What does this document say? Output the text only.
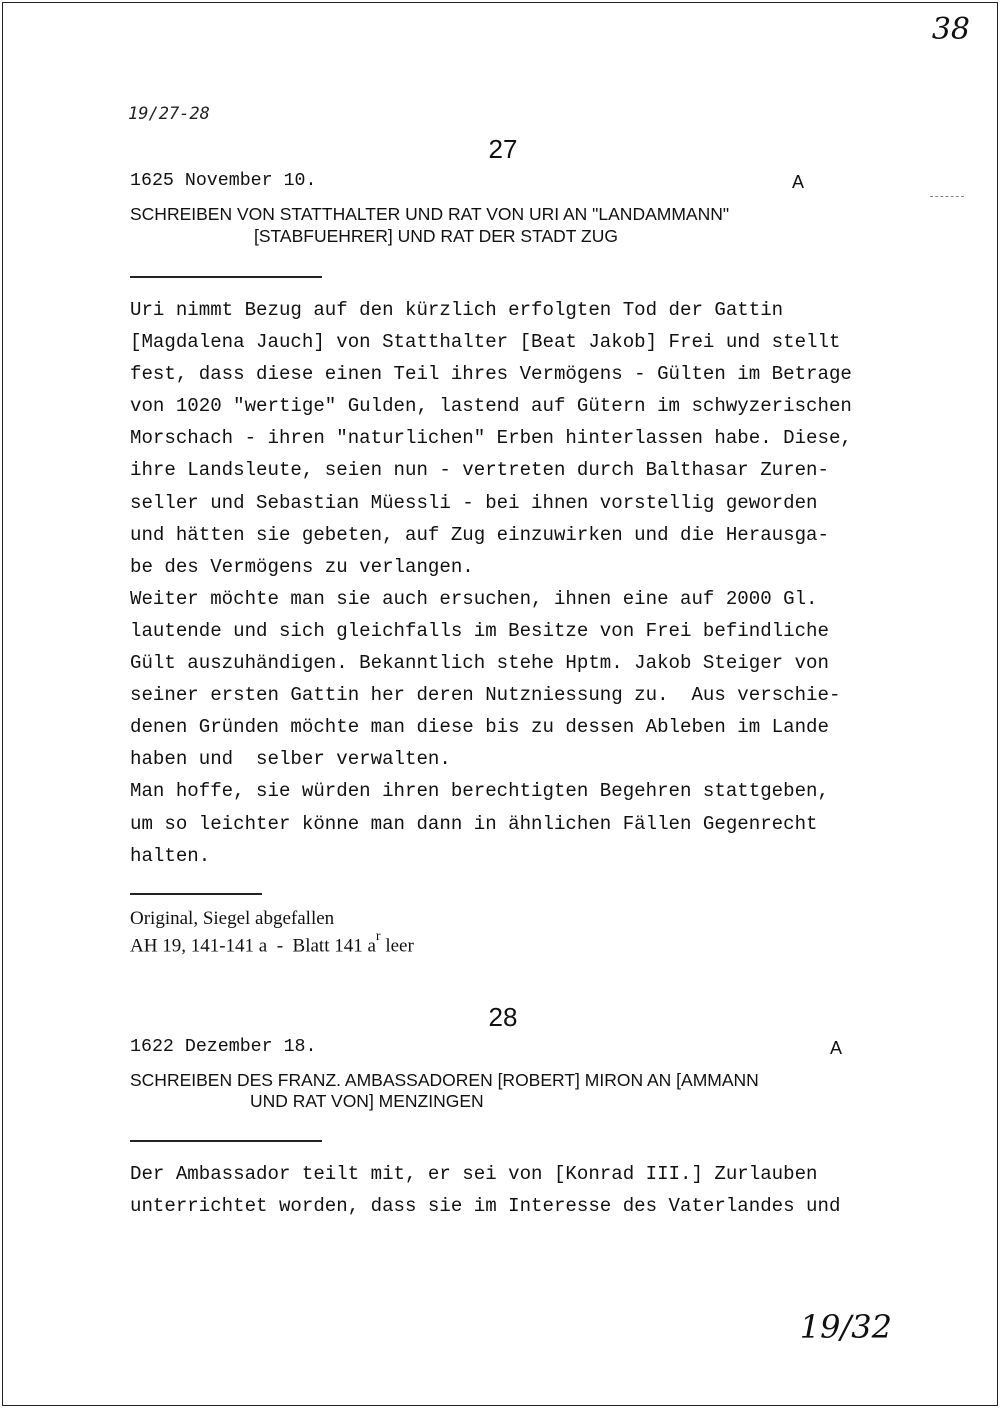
38
19/27-28
27
1625 November 10.	A
SCHREIBEN VON STATTHALTER UND RAT VON URI AN "LANDAMMANN"
[STABFUEHRER] UND RAT DER STADT ZUG
Uri nimmt Bezug auf den kürzlich erfolgten Tod der Gattin
[Magdalena Jauch] von Statthalter [Beat Jakob] Frei und stellt
fest, dass diese einen Teil ihres Vermögens - Gülten im Betrage
von 1020 "wertige" Gulden, lastend auf Gütern im schwyzerischen
Morschach - ihren "naturlichen" Erben hinterlassen habe. Diese,
ihre Landsleute, seien nun - vertreten durch Balthasar Zuren-
seller und Sebastian Müessli - bei ihnen vorstellig geworden
und hätten sie gebeten, auf Zug einzuwirken und die Herausga-
be des Vermögens zu verlangen.
Weiter möchte man sie auch ersuchen, ihnen eine auf 2000 Gl.
lautende und sich gleichfalls im Besitze von Frei befindliche
Gült auszuhändigen. Bekanntlich stehe Hptm. Jakob Steiger von
seiner ersten Gattin her deren Nutzniessung zu.  Aus verschie-
denen Gründen möchte man diese bis zu dessen Ableben im Lande
haben und  selber verwalten.
Man hoffe, sie würden ihren berechtigten Begehren stattgeben,
um so leichter könne man dann in ähnlichen Fällen Gegenrecht
halten.
Original, Siegel abgefallen
AH 19, 141-141 a  -  Blatt 141 $a^r$ leer
28
1622 Dezember 18.	A
SCHREIBEN DES FRANZ. AMBASSADOREN [ROBERT] MIRON AN [AMMANN
UND RAT VON] MENZINGEN
Der Ambassador teilt mit, er sei von [Konrad III.] Zurlauben
unterrichtet worden, dass sie im Interesse des Vaterlandes und
19/32
